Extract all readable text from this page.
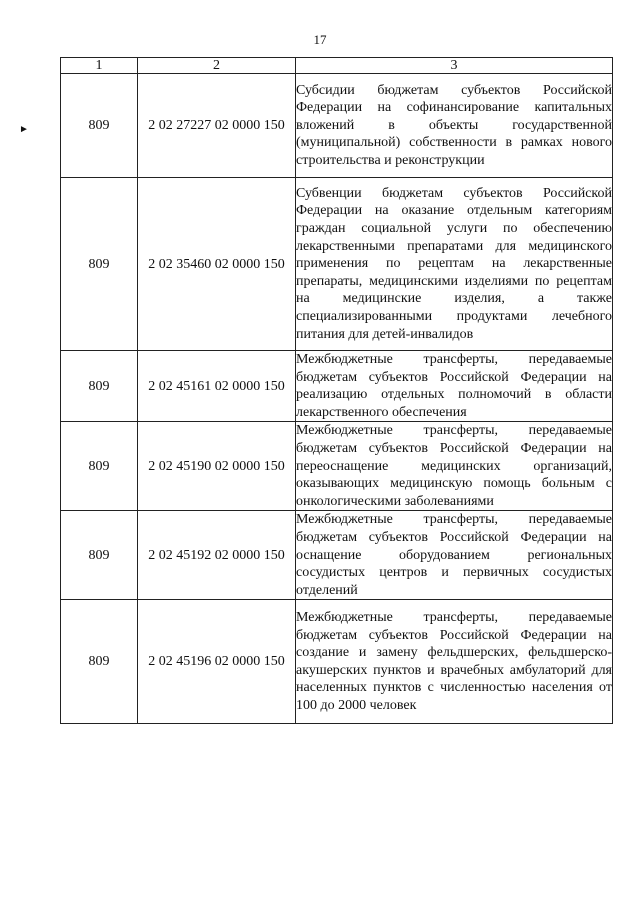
17
►
1	2	3
809	2 02 27227 02 0000 150	Субсидии бюджетам субъектов Российской Федерации на софинансирование капитальных вложений в объекты государственной (муниципальной) собственности в рамках нового строительства и реконструкции
809	2 02 35460 02 0000 150	Субвенции бюджетам субъектов Российской Федерации на оказание отдельным категориям граждан социальной услуги по обеспечению лекарственными препаратами для медицинского применения по рецептам на лекарственные препараты, медицинскими изделиями по рецептам на медицинские изделия, а также специализированными продуктами лечебного питания для детей-инвалидов
809	2 02 45161 02 0000 150	Межбюджетные трансферты, передаваемые бюджетам субъектов Российской Федерации на реализацию отдельных полномочий в области лекарственного обеспечения
809	2 02 45190 02 0000 150	Межбюджетные трансферты, передаваемые бюджетам субъектов Российской Федерации на переоснащение медицинских организаций, оказывающих медицинскую помощь больным с онкологическими заболеваниями
809	2 02 45192 02 0000 150	Межбюджетные трансферты, передаваемые бюджетам субъектов Российской Федерации на оснащение оборудованием региональных сосудистых центров и первичных сосудистых отделений
809	2 02 45196 02 0000 150	Межбюджетные трансферты, передаваемые бюджетам субъектов Российской Федерации на создание и замену фельдшерских, фельдшерско-акушерских пунктов и врачебных амбулаторий для населенных пунктов с численностью населения от 100 до 2000 человек
